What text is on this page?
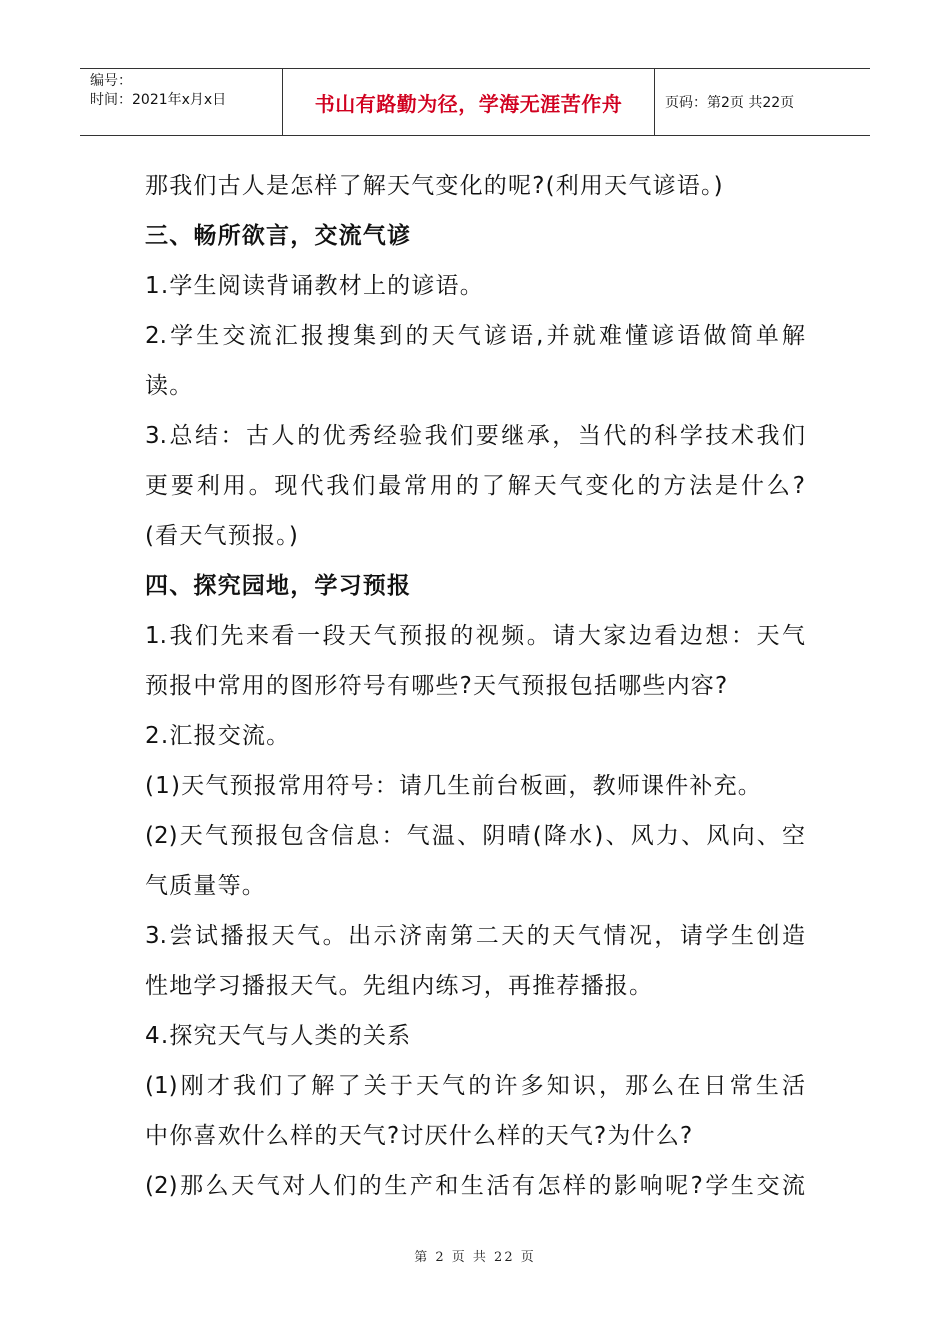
编号：
时间：2021年x月x日	书山有路勤为径，学海无涯苦作舟	页码：第2页 共22页
那我们古人是怎样了解天气变化的呢?(利用天气谚语。)
三、畅所欲言，交流气谚
1.学生阅读背诵教材上的谚语。
2.学生交流汇报搜集到的天气谚语,并就难懂谚语做简单解
读。
3.总结：古人的优秀经验我们要继承，当代的科学技术我们
更要利用。现代我们最常用的了解天气变化的方法是什么?
(看天气预报。)
四、探究园地，学习预报
1.我们先来看一段天气预报的视频。请大家边看边想：天气
预报中常用的图形符号有哪些?天气预报包括哪些内容?
2.汇报交流。
(1)天气预报常用符号：请几生前台板画，教师课件补充。
(2)天气预报包含信息：气温、阴晴(降水)、风力、风向、空
气质量等。
3.尝试播报天气。出示济南第二天的天气情况，请学生创造
性地学习播报天气。先组内练习，再推荐播报。
4.探究天气与人类的关系
(1)刚才我们了解了关于天气的许多知识，那么在日常生活
中你喜欢什么样的天气?讨厌什么样的天气?为什么?
(2)那么天气对人们的生产和生活有怎样的影响呢?学生交流
第 2 页 共 22 页
